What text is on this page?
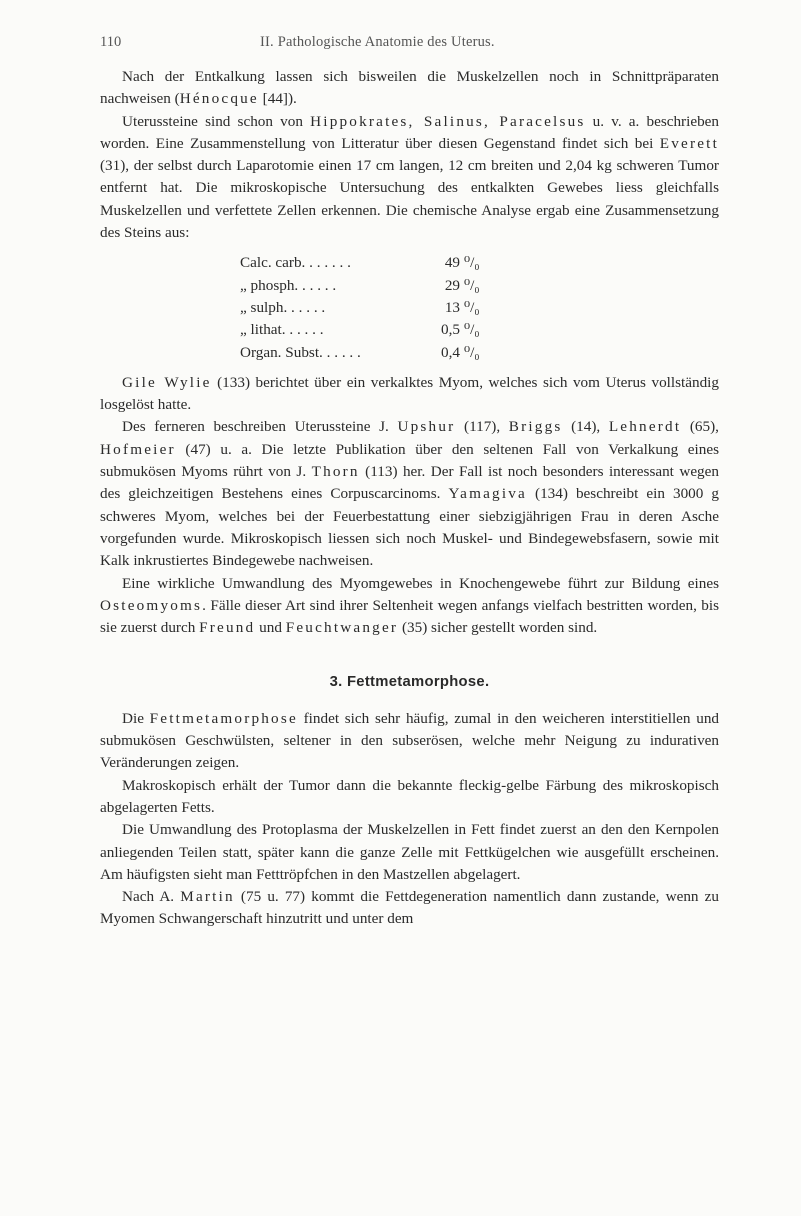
110	II. Pathologische Anatomie des Uterus.

Nach der Entkalkung lassen sich bisweilen die Muskelzellen noch in Schnittpräparaten nachweisen (Hénocque [44]).

Uterussteine sind schon von Hippokrates, Salinus, Paracelsus u. v. a. beschrieben worden. Eine Zusammenstellung von Litteratur über diesen Gegenstand findet sich bei Everett (31), der selbst durch Laparotomie einen 17 cm langen, 12 cm breiten und 2,04 kg schweren Tumor entfernt hat. Die mikroskopische Untersuchung des entkalkten Gewebes liess gleichfalls Muskelzellen und verfettete Zellen erkennen. Die chemische Analyse ergab eine Zusammensetzung des Steins aus:

Calc. carb. . . . . . .	49	⁰/₀
„ phosph. . . . . .	29	⁰/₀
„ sulph. . . . . .	13	⁰/₀
„ lithat. . . . . .	0,5	⁰/₀
Organ. Subst. . . . . .	0,4	⁰/₀

Gile Wylie (133) berichtet über ein verkalktes Myom, welches sich vom Uterus vollständig losgelöst hatte.

Des ferneren beschreiben Uterussteine J. Upshur (117), Briggs (14), Lehnerdt (65), Hofmeier (47) u. a. Die letzte Publikation über den seltenen Fall von Verkalkung eines submukösen Myoms rührt von J. Thorn (113) her. Der Fall ist noch besonders interessant wegen des gleichzeitigen Bestehens eines Corpuscarcinoms. Yamagiva (134) beschreibt ein 3000 g schweres Myom, welches bei der Feuerbestattung einer siebzigjährigen Frau in deren Asche vorgefunden wurde. Mikroskopisch liessen sich noch Muskel- und Bindegewebsfasern, sowie mit Kalk inkrustiertes Bindegewebe nachweisen.

Eine wirkliche Umwandlung des Myomgewebes in Knochengewebe führt zur Bildung eines Osteomyoms. Fälle dieser Art sind ihrer Seltenheit wegen anfangs vielfach bestritten worden, bis sie zuerst durch Freund und Feuchtwanger (35) sicher gestellt worden sind.

3. Fettmetamorphose.

Die Fettmetamorphose findet sich sehr häufig, zumal in den weicheren interstitiellen und submukösen Geschwülsten, seltener in den subserösen, welche mehr Neigung zu indurativen Veränderungen zeigen.

Makroskopisch erhält der Tumor dann die bekannte fleckig-gelbe Färbung des mikroskopisch abgelagerten Fetts.

Die Umwandlung des Protoplasma der Muskelzellen in Fett findet zuerst an den den Kernpolen anliegenden Teilen statt, später kann die ganze Zelle mit Fettkügelchen wie ausgefüllt erscheinen. Am häufigsten sieht man Fetttröpfchen in den Mastzellen abgelagert.

Nach A. Martin (75 u. 77) kommt die Fettdegeneration namentlich dann zustande, wenn zu Myomen Schwangerschaft hinzutritt und unter dem
